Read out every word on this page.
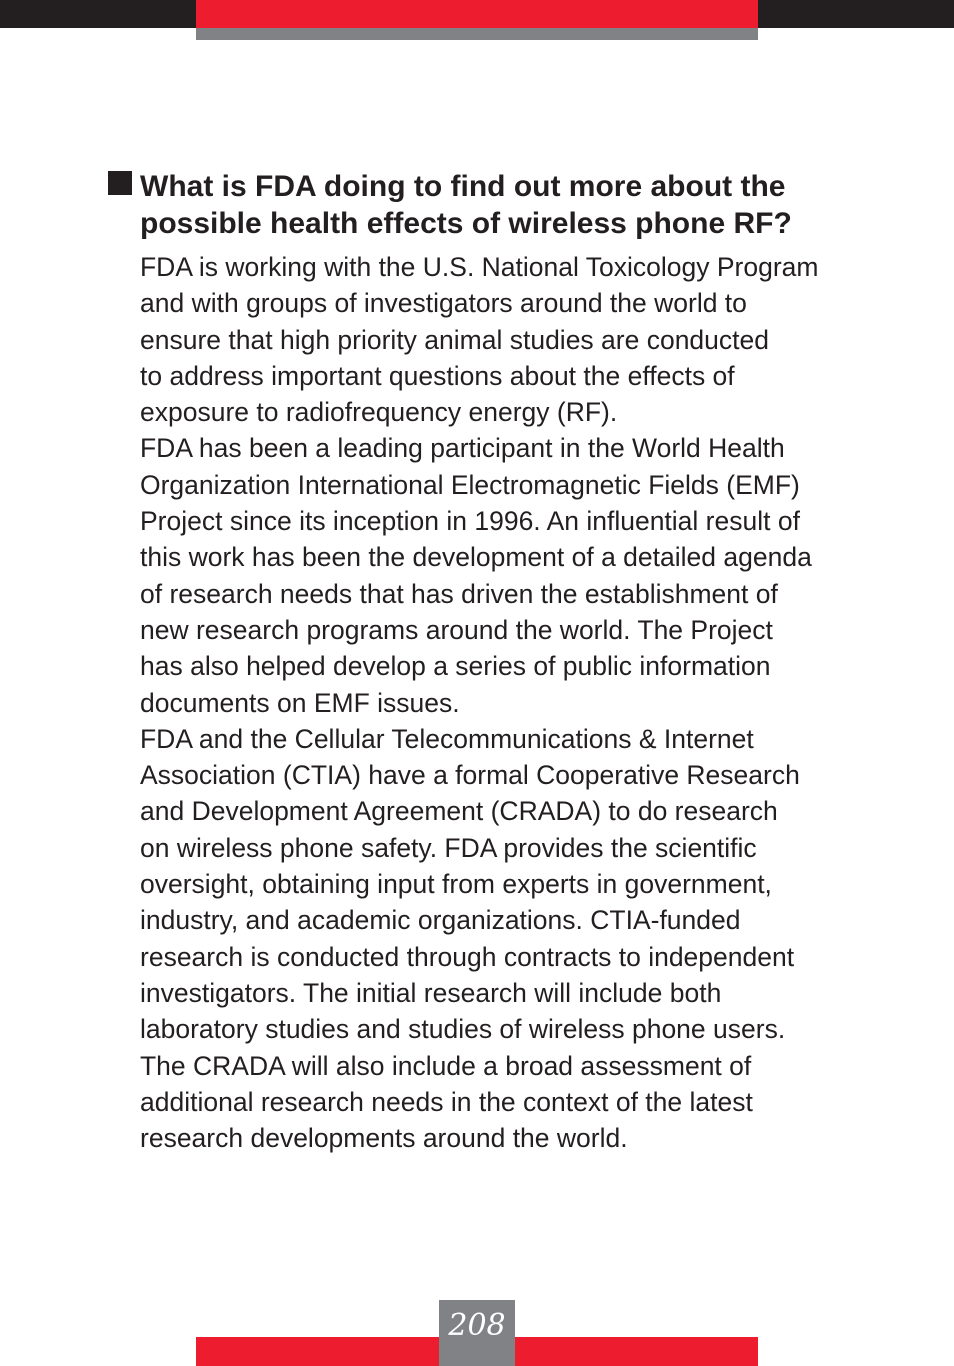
What is FDA doing to find out more about the
possible health effects of wireless phone RF?

FDA is working with the U.S. National Toxicology Program
and with groups of investigators around the world to
ensure that high priority animal studies are conducted
to address important questions about the effects of
exposure to radiofrequency energy (RF).

FDA has been a leading participant in the World Health
Organization International Electromagnetic Fields (EMF)
Project since its inception in 1996. An influential result of
this work has been the development of a detailed agenda
of research needs that has driven the establishment of
new research programs around the world. The Project
has also helped develop a series of public information
documents on EMF issues.

FDA and the Cellular Telecommunications & Internet
Association (CTIA) have a formal Cooperative Research
and Development Agreement (CRADA) to do research
on wireless phone safety. FDA provides the scientific
oversight, obtaining input from experts in government,
industry, and academic organizations. CTIA-funded
research is conducted through contracts to independent
investigators. The initial research will include both
laboratory studies and studies of wireless phone users.
The CRADA will also include a broad assessment of
additional research needs in the context of the latest
research developments around the world.

208
